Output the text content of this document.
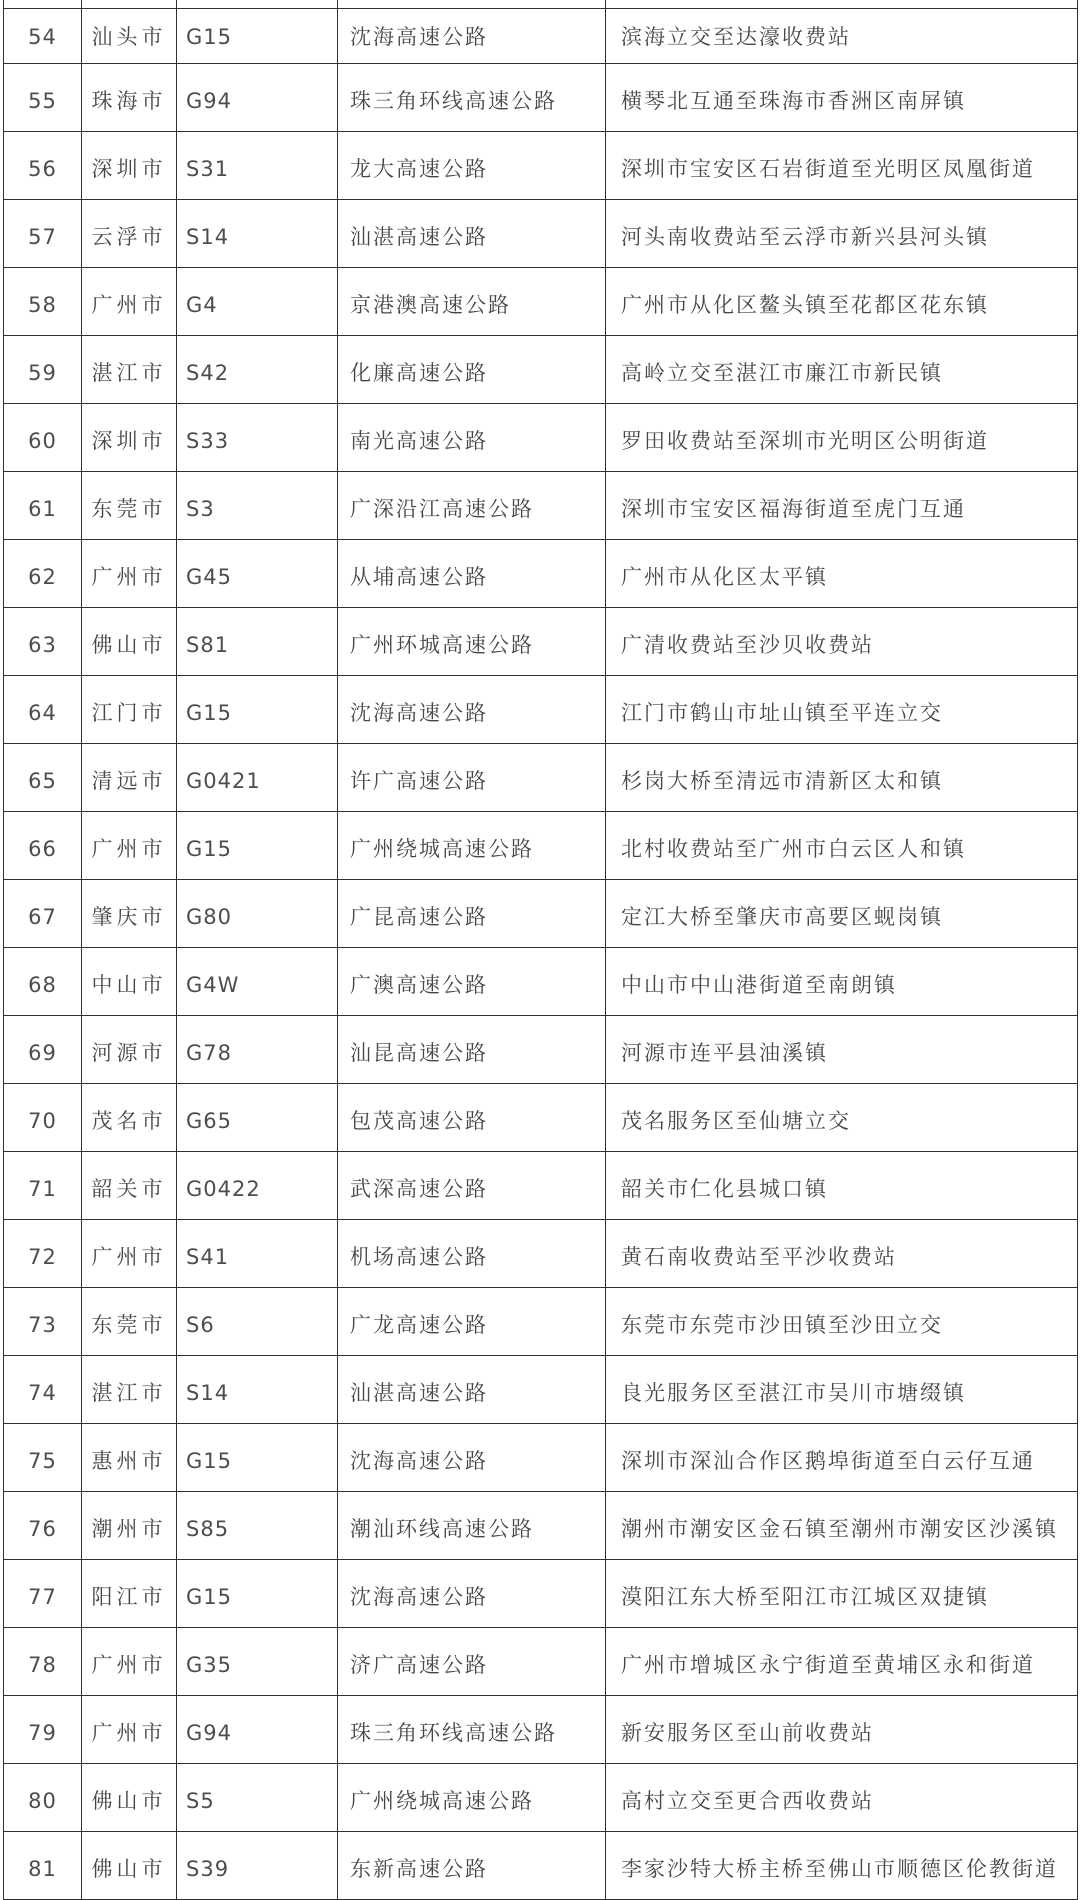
54	汕头市	G15	沈海高速公路	滨海立交至达濠收费站
55	珠海市	G94	珠三角环线高速公路	横琴北互通至珠海市香洲区南屏镇
56	深圳市	S31	龙大高速公路	深圳市宝安区石岩街道至光明区凤凰街道
57	云浮市	S14	汕湛高速公路	河头南收费站至云浮市新兴县河头镇
58	广州市	G4	京港澳高速公路	广州市从化区鳌头镇至花都区花东镇
59	湛江市	S42	化廉高速公路	高岭立交至湛江市廉江市新民镇
60	深圳市	S33	南光高速公路	罗田收费站至深圳市光明区公明街道
61	东莞市	S3	广深沿江高速公路	深圳市宝安区福海街道至虎门互通
62	广州市	G45	从埔高速公路	广州市从化区太平镇
63	佛山市	S81	广州环城高速公路	广清收费站至沙贝收费站
64	江门市	G15	沈海高速公路	江门市鹤山市址山镇至平连立交
65	清远市	G0421	许广高速公路	杉岗大桥至清远市清新区太和镇
66	广州市	G15	广州绕城高速公路	北村收费站至广州市白云区人和镇
67	肇庆市	G80	广昆高速公路	定江大桥至肇庆市高要区蚬岗镇
68	中山市	G4W	广澳高速公路	中山市中山港街道至南朗镇
69	河源市	G78	汕昆高速公路	河源市连平县油溪镇
70	茂名市	G65	包茂高速公路	茂名服务区至仙塘立交
71	韶关市	G0422	武深高速公路	韶关市仁化县城口镇
72	广州市	S41	机场高速公路	黄石南收费站至平沙收费站
73	东莞市	S6	广龙高速公路	东莞市东莞市沙田镇至沙田立交
74	湛江市	S14	汕湛高速公路	良光服务区至湛江市吴川市塘缀镇
75	惠州市	G15	沈海高速公路	深圳市深汕合作区鹅埠街道至白云仔互通
76	潮州市	S85	潮汕环线高速公路	潮州市潮安区金石镇至潮州市潮安区沙溪镇
77	阳江市	G15	沈海高速公路	漠阳江东大桥至阳江市江城区双捷镇
78	广州市	G35	济广高速公路	广州市增城区永宁街道至黄埔区永和街道
79	广州市	G94	珠三角环线高速公路	新安服务区至山前收费站
80	佛山市	S5	广州绕城高速公路	高村立交至更合西收费站
81	佛山市	S39	东新高速公路	李家沙特大桥主桥至佛山市顺德区伦教街道
